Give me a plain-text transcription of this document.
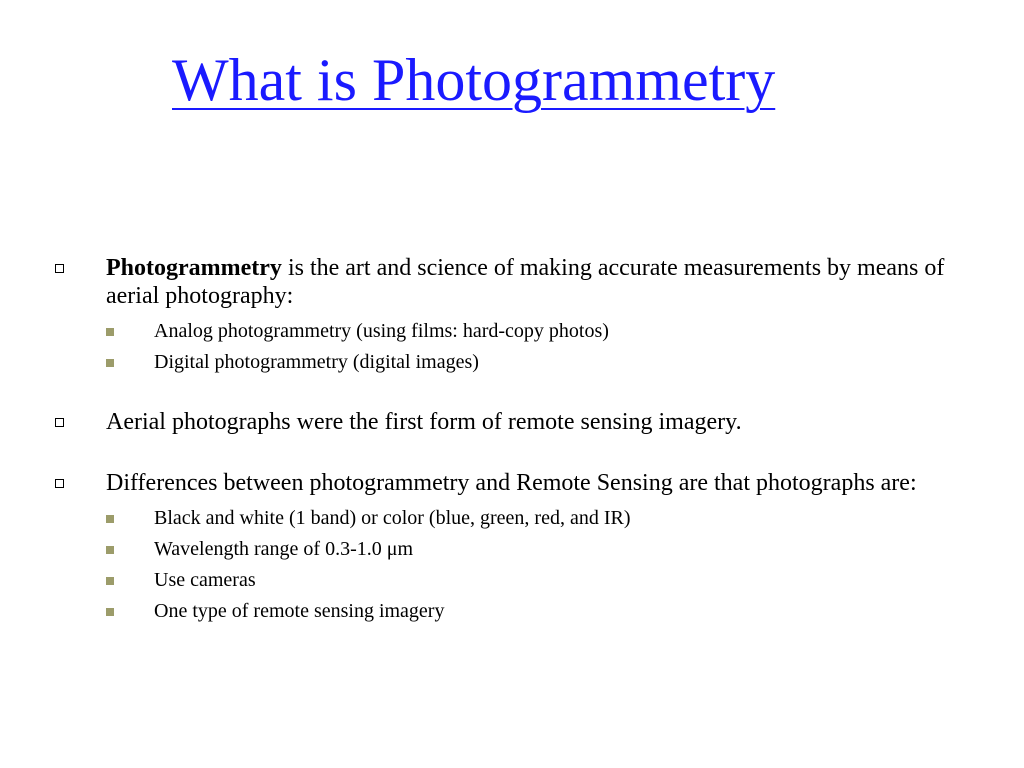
What is Photogrammetry
Photogrammetry is the art and science of making accurate measurements by means of aerial photography:
Analog photogrammetry (using films: hard-copy photos)
Digital photogrammetry (digital images)
Aerial photographs were the first form of remote sensing imagery.
Differences between photogrammetry and Remote Sensing are that photographs are:
Black and white (1 band) or color (blue, green, red, and IR)
Wavelength range of 0.3-1.0 μm
Use cameras
One type of remote sensing imagery
